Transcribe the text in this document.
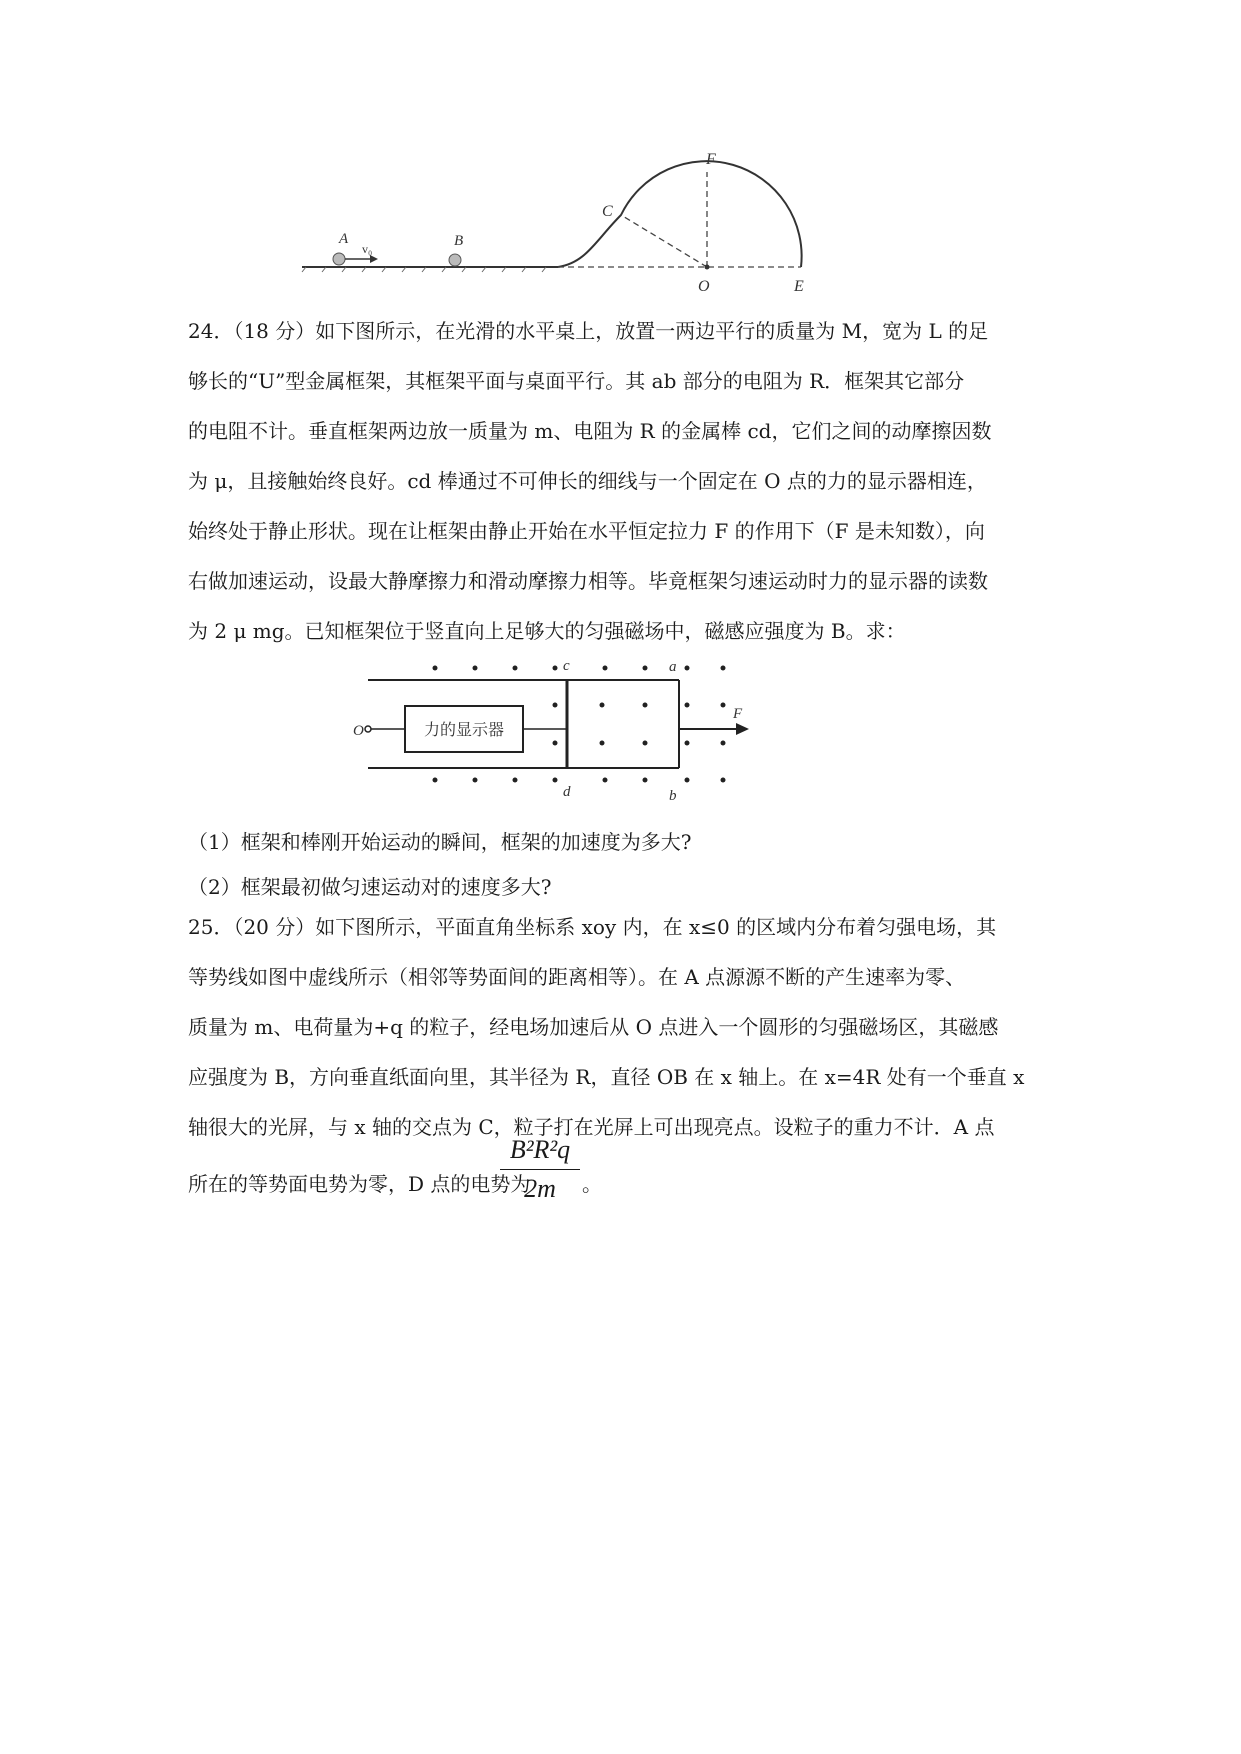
A
v₀	B
C
F
O	E
24．（18 分）如下图所示，在光滑的水平桌上，放置一两边平行的质量为 M，宽为 L 的足
够长的“U”型金属框架，其框架平面与桌面平行。其 ab 部分的电阻为 R．框架其它部分
的电阻不计。垂直框架两边放一质量为 m、电阻为 R 的金属棒 cd，它们之间的动摩擦因数
为 μ，且接触始终良好。cd 棒通过不可伸长的细线与一个固定在 O 点的力的显示器相连，
始终处于静止形状。现在让框架由静止开始在水平恒定拉力 F 的作用下（F 是未知数），向
右做加速运动，设最大静摩擦力和滑动摩擦力相等。毕竟框架匀速运动时力的显示器的读数
为 2 μ mg。已知框架位于竖直向上足够大的匀强磁场中，磁感应强度为 B。求：
O	力的显示器
c	a
d	b
F

（1）框架和棒刚开始运动的瞬间，框架的加速度为多大?

（2）框架最初做匀速运动对的速度多大?

25．（20 分）如下图所示，平面直角坐标系 xoy 内，在 x≤0 的区域内分布着匀强电场，其
等势线如图中虚线所示（相邻等势面间的距离相等）。在 A 点源源不断的产生速率为零、
质量为 m、电荷量为+q 的粒子，经电场加速后从 O 点进入一个圆形的匀强磁场区，其磁感
应强度为 B，方向垂直纸面向里，其半径为 R，直径 OB 在 x 轴上。在 x=4R 处有一个垂直 x
轴很大的光屏，与 x 轴的交点为 C，粒子打在光屏上可出现亮点。设粒子的重力不计．A 点

所在的等势面电势为零，D 点的电势为

$\frac{\text{B²R²q}}{2m}$ 。
